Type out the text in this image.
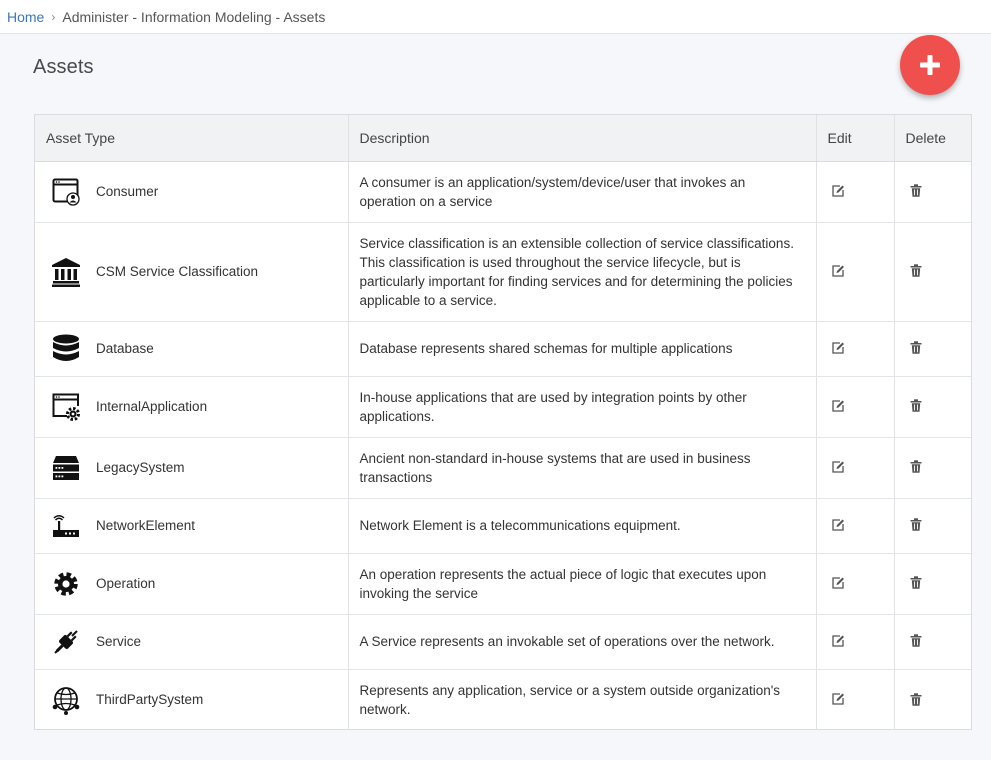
Home › Administer - Information Modeling - Assets
Assets
Asset Type	Description	Edit	Delete

Consumer	A consumer is an application/system/device/user that invokes an operation on a service	

CSM Service Classification	Service classification is an extensible collection of service classifications. This classification is used throughout the service lifecycle, but is particularly important for finding services and for determining the policies applicable to a service.	

Database	Database represents shared schemas for multiple applications	

InternalApplication	In-house applications that are used by integration points by other applications.	

LegacySystem	Ancient non-standard in-house systems that are used in business transactions	

NetworkElement	Network Element is a telecommunications equipment.	

Operation	An operation represents the actual piece of logic that executes upon invoking the service	

Service	A Service represents an invokable set of operations over the network.	

ThirdPartySystem	Represents any application, service or a system outside organization's network.	
